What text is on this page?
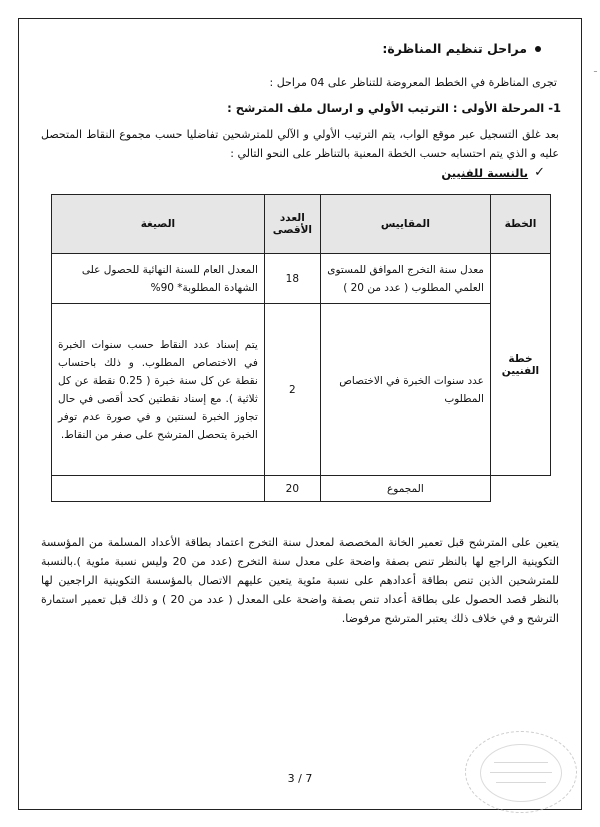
ـ
مراحل تنظيم المناظرة:
تجرى المناظرة في الخطط المعروضة للتناظر على 04 مراحل :
1- المرحلة الأولى : الترتيب الأولي و ارسال ملف المترشح :
بعد غلق التسجيل عبر موقع الواب، يتم الترتيب الأولي و الآلي للمترشحين تفاضليا حسب مجموع النقاط المتحصل عليه و الذي يتم احتسابه حسب الخطة المعنية بالتناظر على النحو التالي :
✓
بالنسبة للفنيين
الخطة	المقاييس	العدد الأقصى	الصيغة
خطة الفنيين	معدل سنة التخرج الموافق للمستوى العلمي المطلوب ( عدد من 20 )	18	المعدل العام للسنة النهائية للحصول على الشهادة المطلوبة* 90%
	عدد سنوات الخبرة في الاختصاص المطلوب	2	يتم إسناد عدد النقاط حسب سنوات الخبرة في الاختصاص المطلوب. و ذلك باحتساب نقطة عن كل سنة خبرة ( 0.25 نقطة عن كل ثلاثية ). مع إسناد نقطتين كحد أقصى في حال تجاوز الخبرة لسنتين و في صورة عدم توفر الخبرة يتحصل المترشح على صفر من النقاط.
	المجموع	20	
يتعين على المترشح قبل تعمير الخانة المخصصة لمعدل سنة التخرج اعتماد بطاقة الأعداد المسلمة من المؤسسة التكوينية الراجع لها بالنظر تنص بصفة واضحة على معدل سنة التخرج (عدد من 20 وليس نسبة مئوية ).بالنسبة للمترشحين الذين تنص بطاقة أعدادهم على نسبة مئوية يتعين عليهم الاتصال بالمؤسسة التكوينية الراجعين لها بالنظر قصد الحصول على بطاقة أعداد تنص بصفة واضحة على المعدل ( عدد من 20 ) و ذلك قبل تعمير استمارة الترشح و في خلاف ذلك يعتبر المترشح مرفوضا.
3 / 7
